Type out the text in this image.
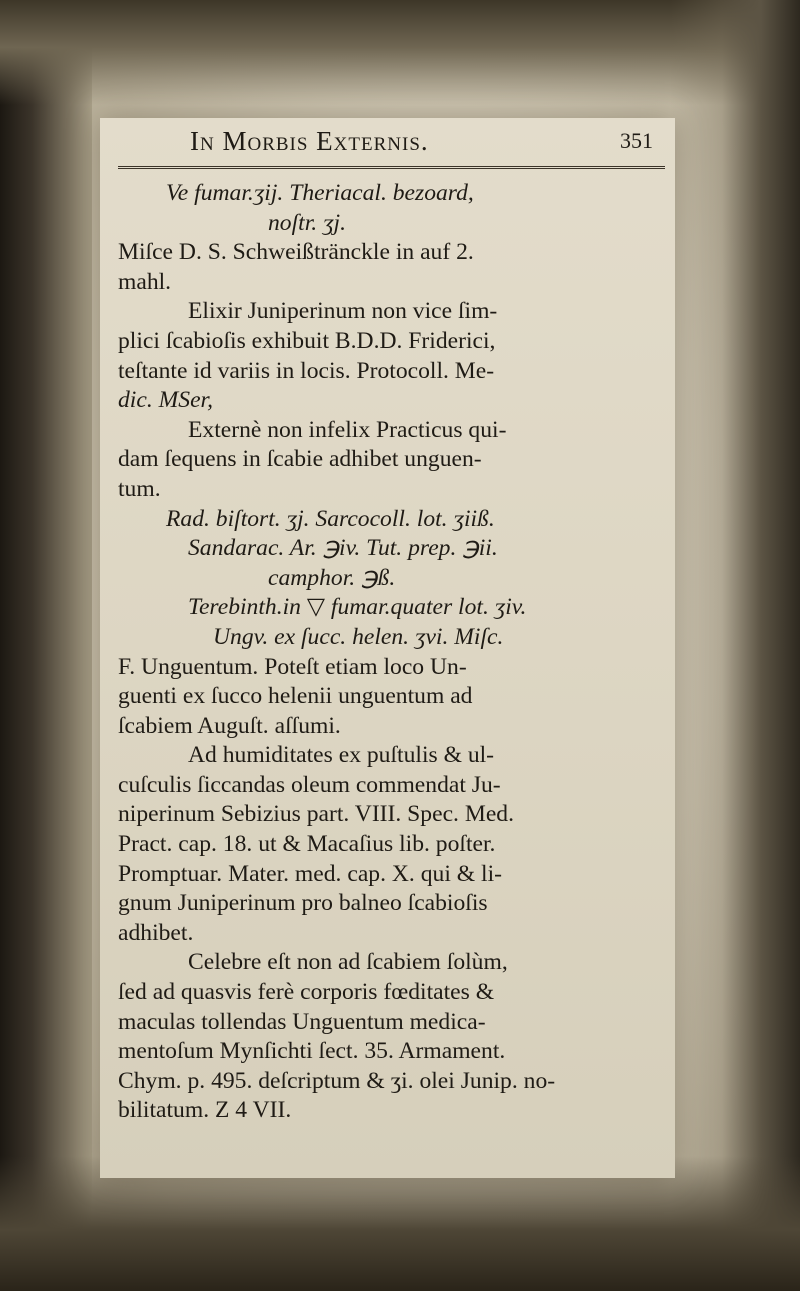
In Morbis Externis.	351
Ve fumar.ʒij. Theriacal. bezoard,
noſtr. ʒj.
Miſce D. S. Schweißtränckle in auf 2.
mahl.
Elixir Juniperinum non vice ſim-
plici ſcabioſis exhibuit B.D.D. Friderici,
teſtante id variis in locis. Protocoll. Me-
dic. MSer,
Externè non infelix Practicus qui-
dam ſequens in ſcabie adhibet unguen-
tum.
Rad. biſtort. ʒj. Sarcocoll. lot. ʒiiß.
Sandarac. Ar. ℈iv. Tut. prep. ℈ii.
camphor. ℈ß.
Terebinth.in ▽ fumar.quater lot. ʒiv.
Ungv. ex ſucc. helen. ʒvi. Miſc.
F. Unguentum. Poteſt etiam loco Un-
guenti ex ſucco helenii unguentum ad
ſcabiem Auguſt. aſſumi.
Ad humiditates ex puſtulis & ul-
cuſculis ſiccandas oleum commendat Ju-
niperinum Sebizius part. VIII. Spec. Med.
Pract. cap. 18. ut & Macaſius lib. poſter.
Promptuar. Mater. med. cap. X. qui & li-
gnum Juniperinum pro balneo ſcabioſis
adhibet.
Celebre eſt non ad ſcabiem ſolùm,
ſed ad quasvis ferè corporis fœditates &
maculas tollendas Unguentum medica-
mentoſum Mynſichti ſect. 35. Armament.
Chym. p. 495. deſcriptum & ʒi. olei Junip. no-
bilitatum. Z 4 VII.
